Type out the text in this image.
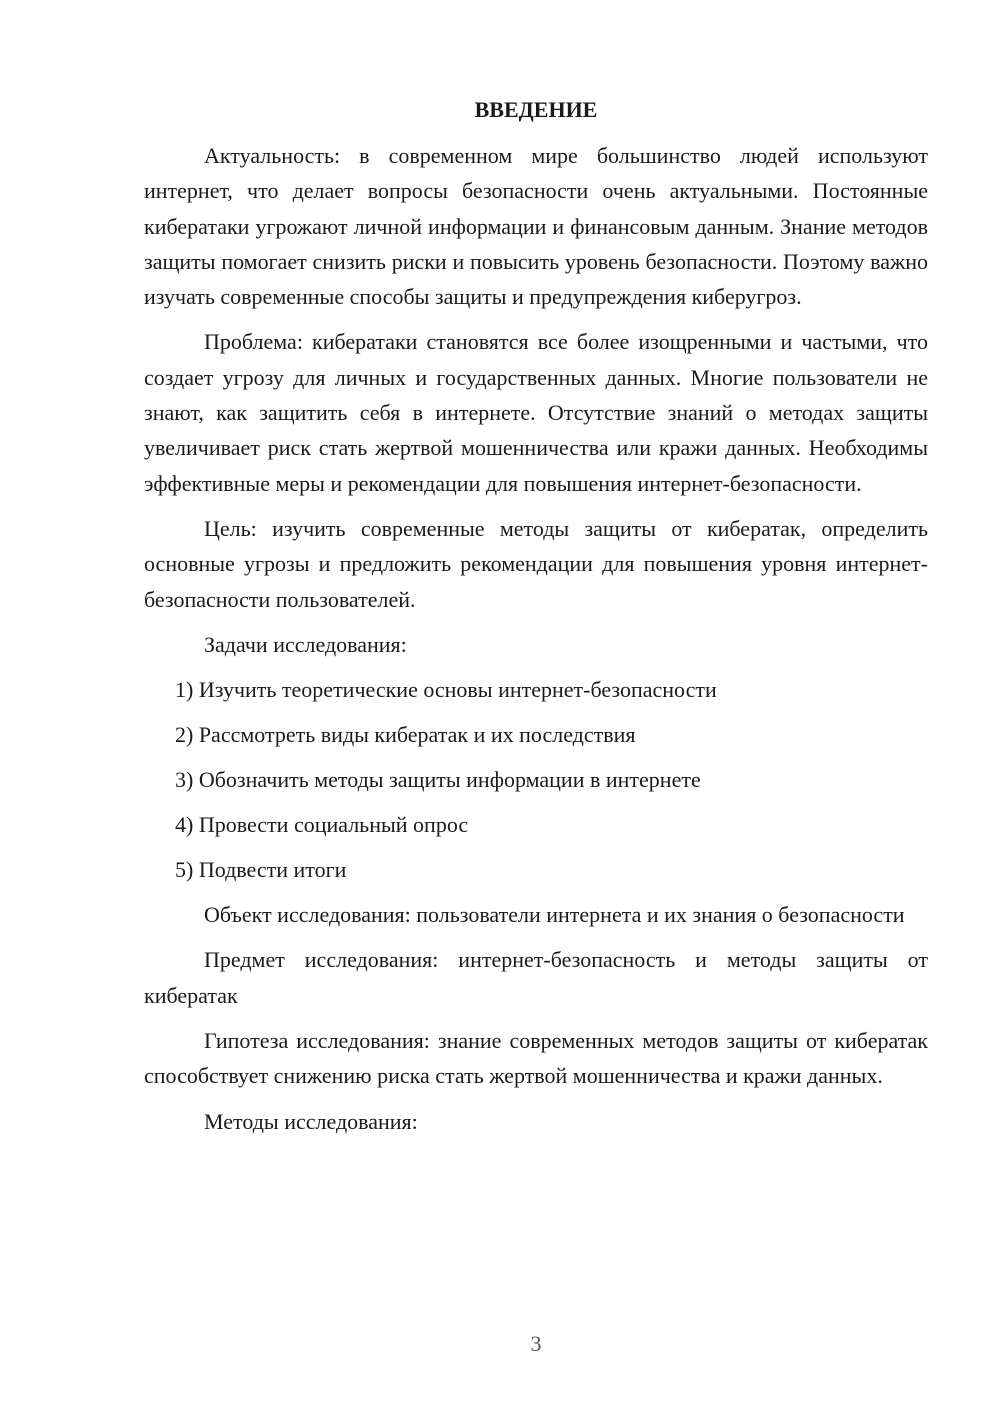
ВВЕДЕНИЕ

Актуальность: в современном мире большинство людей используют интернет, что делает вопросы безопасности очень актуальными. Постоянные кибератаки угрожают личной информации и финансовым данным. Знание методов защиты помогает снизить риски и повысить уровень безопасности. Поэтому важно изучать современные способы защиты и предупреждения киберугроз.

Проблема: кибератаки становятся все более изощренными и частыми, что создает угрозу для личных и государственных данных. Многие пользователи не знают, как защитить себя в интернете. Отсутствие знаний о методах защиты увеличивает риск стать жертвой мошенничества или кражи данных. Необходимы эффективные меры и рекомендации для повышения интернет-безопасности.

Цель: изучить современные методы защиты от кибератак, определить основные угрозы и предложить рекомендации для повышения уровня интернет-безопасности пользователей.

Задачи исследования:

1) Изучить теоретические основы интернет-безопасности

2) Рассмотреть виды кибератак и их последствия

3) Обозначить методы защиты информации в интернете

4) Провести социальный опрос

5) Подвести итоги

Объект исследования: пользователи интернета и их знания о безопасности

Предмет исследования: интернет-безопасность и методы защиты от кибератак

Гипотеза исследования: знание современных методов защиты от кибератак способствует снижению риска стать жертвой мошенничества и кражи данных.

Методы исследования:

3
